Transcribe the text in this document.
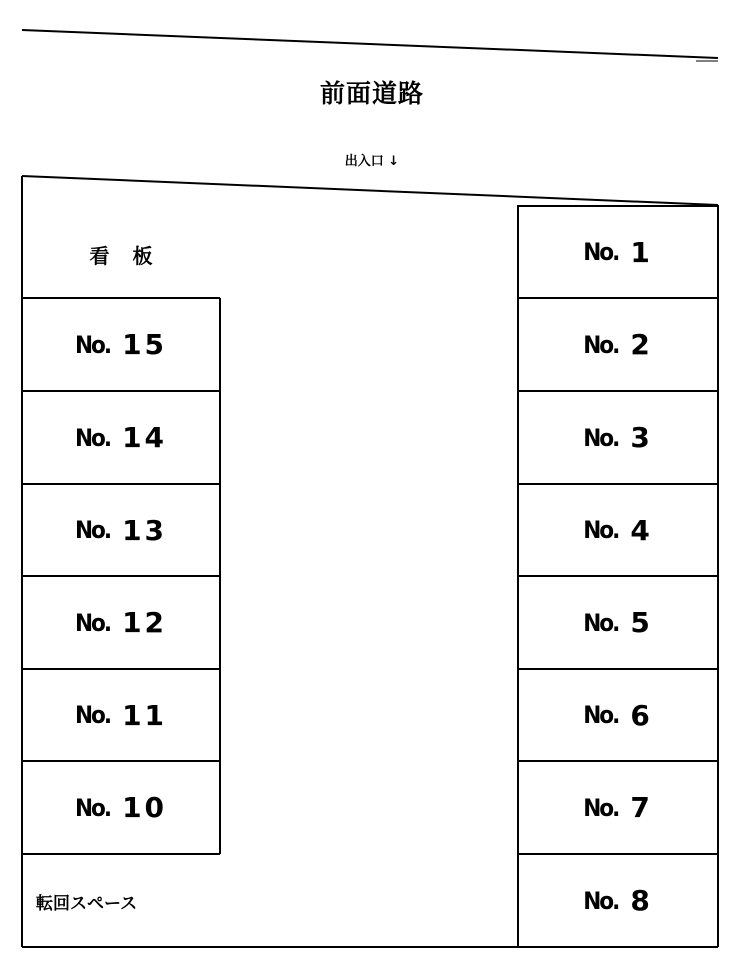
前面道路
出入口 ↓
看 板
転回スペース
No. 1
No. 2
No. 3
No. 4
No. 5
No. 6
No. 7
No. 8
No. 15
No. 14
No. 13
No. 12
No. 11
No. 10
